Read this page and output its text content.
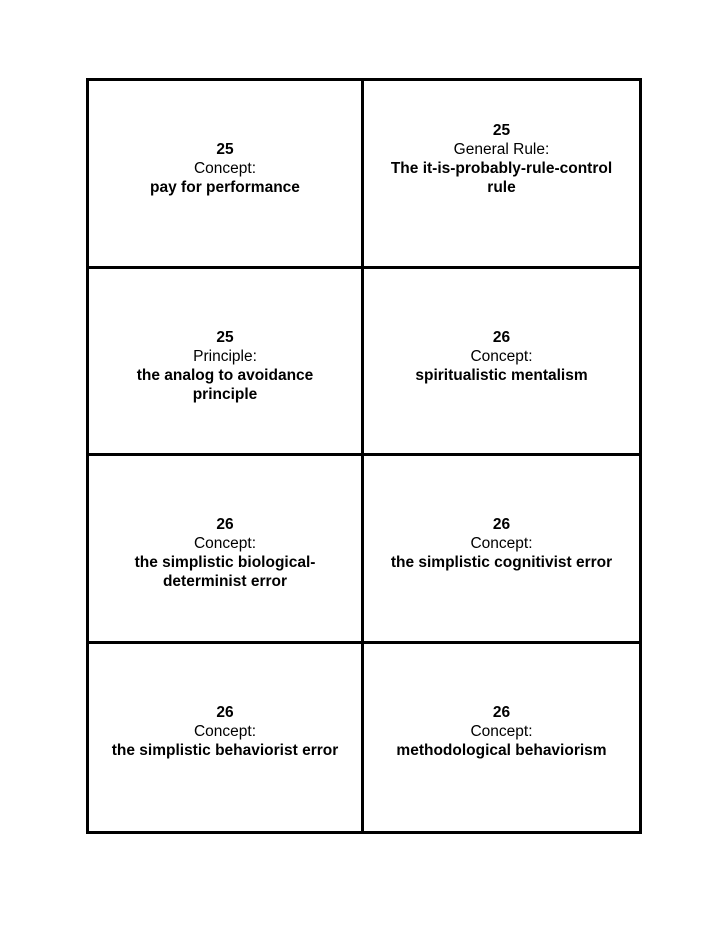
25
Concept:
pay for performance
25
General Rule:
The it-is-probably-rule-control rule
25
Principle:
the analog to avoidance principle
26
Concept:
spiritualistic mentalism
26
Concept:
the simplistic biological-determinist error
26
Concept:
the simplistic cognitivist error
26
Concept:
the simplistic behaviorist error
26
Concept:
methodological behaviorism
